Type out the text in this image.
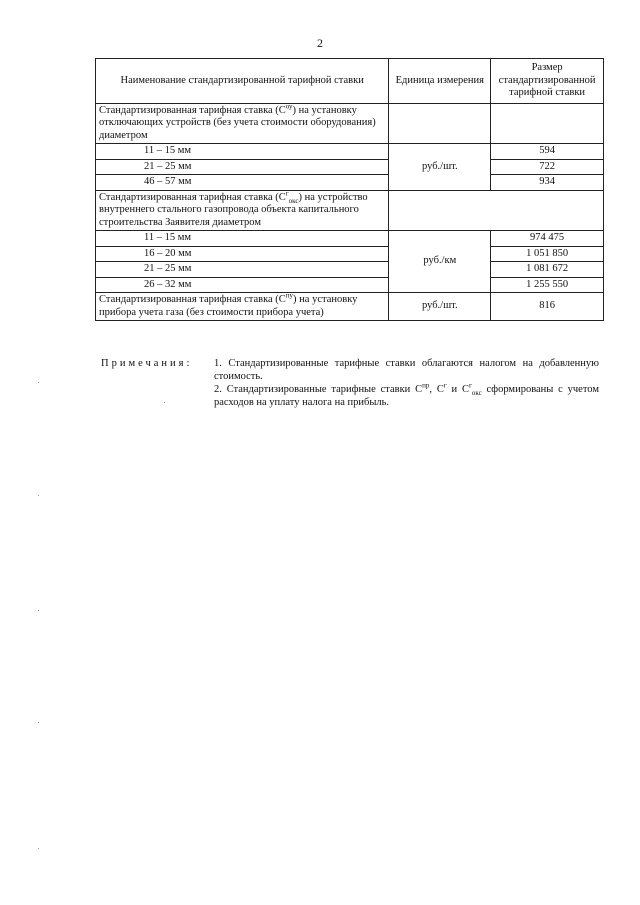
2
Наименование стандартизированной тарифной ставки	Единица измерения	Размер стандартизированной тарифной ставки
Стандартизированная тарифная ставка $(С^{оу})$ на установку отключающих устройств (без учета стоимости оборудования) диаметром		
11 – 15 мм	руб./шт.	594
21 – 25 мм		722
46 – 57 мм		934
Стандартизированная тарифная ставка $(С^г_{окс})$ на устройство внутреннего стального газопровода объекта капитального строительства Заявителя диаметром		
11 – 15 мм	руб./км	974 475
16 – 20 мм		1 051 850
21 – 25 мм		1 081 672
26 – 32 мм		1 255 550
Стандартизированная тарифная ставка $(С^{пу})$ на установку прибора учета газа (без стоимости прибора учета)	руб./шт.	816
Примечания: 1. Стандартизированные тарифные ставки облагаются налогом на добавленную стоимость.
2. Стандартизированные тарифные ставки $С^{пр}$, $С^г$ и $С^г_{окс}$ сформированы с учетом расходов на уплату налога на прибыль.
